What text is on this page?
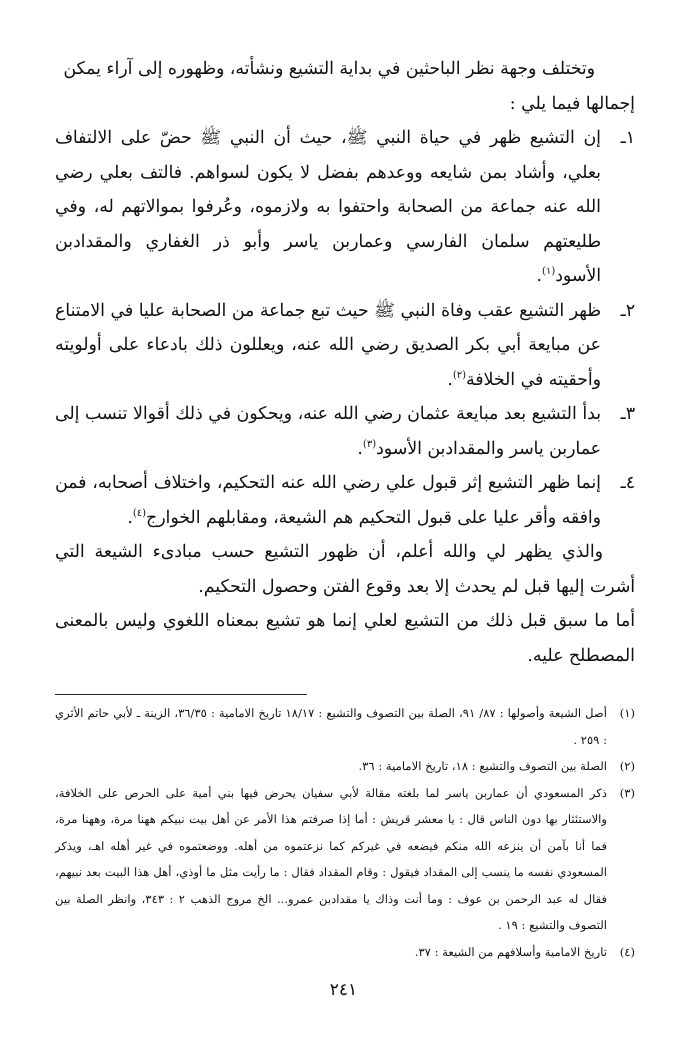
وتختلف وجهة نظر الباحثين في بداية التشيع ونشأته، وظهوره إلى آراء يمكن

إجمالها فيما يلي :

١ـ
إن التشيع ظهر في حياة النبي ﷺ، حيث أن النبي ﷺ حضّ على الالتفاف بعلي، وأشاد بمن شايعه ووعدهم بفضل لا يكون لسواهم. فالتف بعلي رضي الله عنه جماعة من الصحابة واحتفوا به ولازموه، وعُرفوا بموالاتهم له، وفي طليعتهم سلمان الفارسي وعماربن ياسر وأبو ذر الغفاري والمقدادبن الأسود$^{(١)}$.
٢ـ
ظهر التشيع عقب وفاة النبي ﷺ حيث تبع جماعة من الصحابة عليا في الامتناع عن مبايعة أبي بكر الصديق رضي الله عنه، ويعللون ذلك بادعاء على أولويته وأحقيته في الخلافة$^{(٢)}$.
٣ـ
بدأ التشيع بعد مبايعة عثمان رضي الله عنه، ويحكون في ذلك أقوالا تنسب إلى عماربن ياسر والمقدادبن الأسود$^{(٣)}$.
٤ـ
إنما ظهر التشيع إثر قبول علي رضي الله عنه التحكيم، واختلاف أصحابه، فمن وافقه وأقر عليا على قبول التحكيم هم الشيعة، ومقابلهم الخوارج$^{(٤)}$.

والذي يظهر لي والله أعلم، أن ظهور التشيع حسب مبادىء الشيعة التي أشرت إليها قبل لم يحدث إلا بعد وقوع الفتن وحصول التحكيم.

أما ما سبق قبل ذلك من التشيع لعلي إنما هو تشيع بمعناه اللغوي وليس بالمعنى المصطلح عليه.

(١)
أصل الشيعة وأصولها : ٨٧/ ٩١، الصلة بين التصوف والتشيع : ١٨/١٧ تاريخ الامامية : ٣٦/٣٥، الزينة ـ لأبي حاتم الأثري : ٢٥٩ .

(٢)
الصلة بين التصوف والتشيع : ١٨، تاريخ الامامية : ٣٦.

(٣)
ذكر المسعودي أن عماربن ياسر لما بلغته مقالة لأبي سفيان يحرض فيها بني أمية على الحرص على الخلافة، والاستئثار بها دون الناس قال : يا معشر قريش : أما إذا صرفتم هذا الأمر عن أهل بيت نبيكم ههنا مرة، وههنا مرة، فما أنا بآمن أن ينزعه الله منكم فيضعه في غيركم كما نزعتموه من أهله. ووضعتموه في غير أهله اهـ، ويذكر المسعودي نفسه ما ينسب إلى المقداد فيقول : وقام المقداد فقال : ما رأيت مثل ما أوذي، أهل هذا البيت بعد نبيهم، فقال له عبد الرحمن بن عوف : وما أنت وذاك يا مقدادبن عمرو... الخ مروج الذهب ٢ : ٣٤٣، وانظر الصلة بين التصوف والتشيع : ١٩ .

(٤)
تاريخ الامامية وأسلافهم من الشيعة : ٣٧.

٢٤١
